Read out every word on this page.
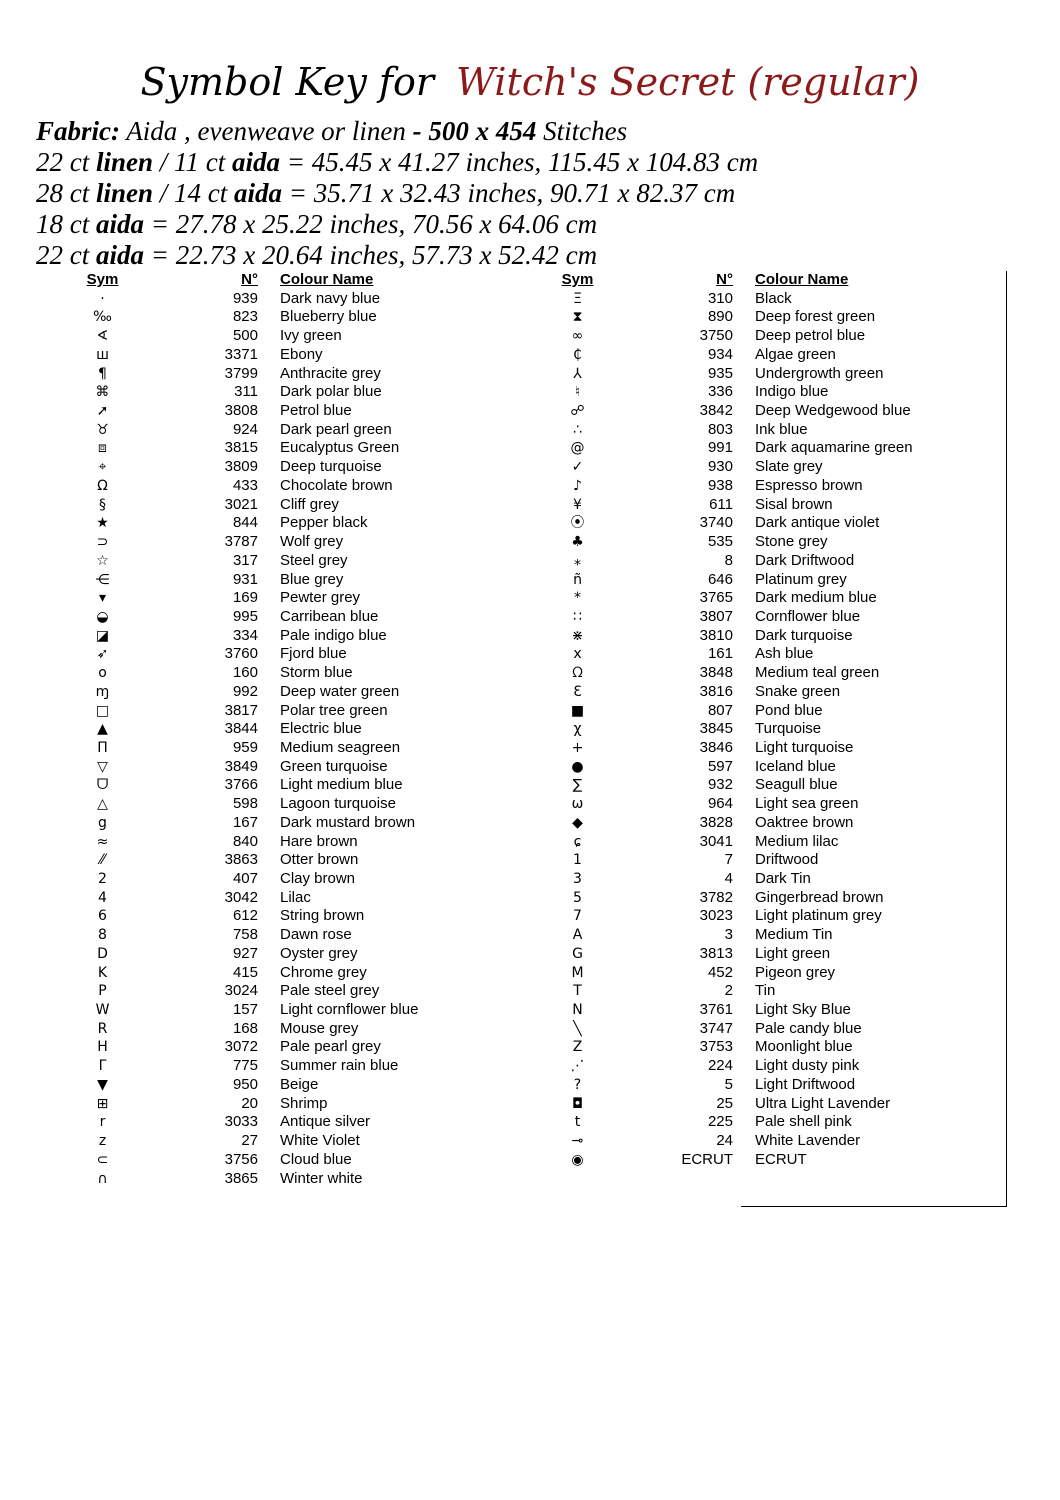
Symbol Key for Witch's Secret (regular)
Fabric: Aida , evenweave or linen - 500 x 454 Stitches
22 ct linen / 11 ct aida = 45.45 x 41.27 inches, 115.45 x 104.83 cm
28 ct linen / 14 ct aida = 35.71 x 32.43 inches, 90.71 x 82.37 cm
18 ct aida = 27.78 x 25.22 inches, 70.56 x 64.06 cm
22 ct aida = 22.73 x 20.64 inches, 57.73 x 52.42 cm
Sym	N°	Colour Name
·	939	Dark navy blue
‰	823	Blueberry blue
∢	500	Ivy green
ш	3371	Ebony
¶	3799	Anthracite grey
⌘	311	Dark polar blue
➚	3808	Petrol blue
♉	924	Dark pearl green
⧈	3815	Eucalyptus Green
⌖	3809	Deep turquoise
Ω	433	Chocolate brown
§	3021	Cliff grey
★	844	Pepper black
⊃	3787	Wolf grey
☆	317	Steel grey
⋲	931	Blue grey
▾	169	Pewter grey
◒	995	Carribean blue
◪	334	Pale indigo blue
➶	3760	Fjord blue
o	160	Storm blue
ɱ	992	Deep water green
□	3817	Polar tree green
▲	3844	Electric blue
Π	959	Medium seagreen
▽	3849	Green turquoise
ᗜ	3766	Light medium blue
△	598	Lagoon turquoise
g	167	Dark mustard brown
≈	840	Hare brown
⁄⁄	3863	Otter brown
2	407	Clay brown
4	3042	Lilac
6	612	String brown
8	758	Dawn rose
D	927	Oyster grey
K	415	Chrome grey
P	3024	Pale steel grey
W	157	Light cornflower blue
R	168	Mouse grey
H	3072	Pale pearl grey
Γ	775	Summer rain blue
▼	950	Beige
⊞	20	Shrimp
r	3033	Antique silver
z	27	White Violet
⊂	3756	Cloud blue
∩	3865	Winter white
Sym	N°	Colour Name
Ξ	310	Black
⧗	890	Deep forest green
∞	3750	Deep petrol blue
₵	934	Algae green
⅄	935	Undergrowth green
♮	336	Indigo blue
☍	3842	Deep Wedgewood blue
∴	803	Ink blue
@	991	Dark aquamarine green
✓	930	Slate grey
♪	938	Espresso brown
¥	611	Sisal brown
⦿	3740	Dark antique violet
♣	535	Stone grey
⁎	8	Dark Driftwood
ñ	646	Platinum grey
*	3765	Dark medium blue
∷	3807	Cornflower blue
⋇	3810	Dark turquoise
x	161	Ash blue
ᘯ	3848	Medium teal green
Ɛ	3816	Snake green
■	807	Pond blue
χ	3845	Turquoise
+	3846	Light turquoise
●	597	Iceland blue
∑	932	Seagull blue
ω	964	Light sea green
◆	3828	Oaktree brown
ɕ	3041	Medium lilac
1	7	Driftwood
3	4	Dark Tin
5	3782	Gingerbread brown
7	3023	Light platinum grey
A	3	Medium Tin
G	3813	Light green
M	452	Pigeon grey
T	2	Tin
N	3761	Light Sky Blue
╲	3747	Pale candy blue
Z	3753	Moonlight blue
⋰	224	Light dusty pink
?	5	Light Driftwood
◘	25	Ultra Light Lavender
t	225	Pale shell pink
⊸	24	White Lavender
◉	ECRUT	ECRUT
